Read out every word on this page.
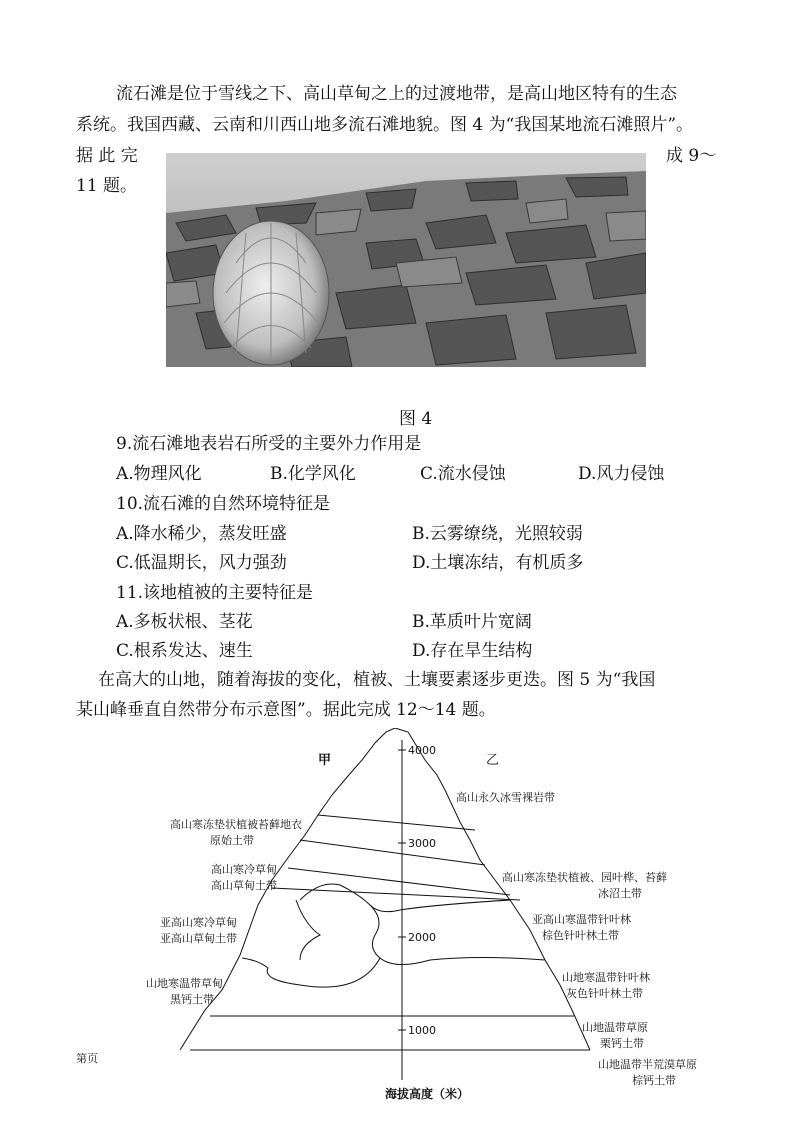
流石滩是位于雪线之下、高山草甸之上的过渡地带，是高山地区特有的生态
系统。我国西藏、云南和川西山地多流石滩地貌。图 4 为“我国某地流石滩照片”。
据 此 完	成 9～
11 题。
图 4
9.流石滩地表岩石所受的主要外力作用是
A.物理风化	B.化学风化	C.流水侵蚀	D.风力侵蚀
10.流石滩的自然环境特征是
A.降水稀少，蒸发旺盛	B.云雾缭绕，光照较弱
C.低温期长，风力强劲	D.土壤冻结，有机质多
11.该地植被的主要特征是
A.多板状根、茎花	B.革质叶片宽阔
C.根系发达、速生	D.存在旱生结构
在高大的山地，随着海拔的变化，植被、土壤要素逐步更迭。图 5 为“我国
某山峰垂直自然带分布示意图”。据此完成 12～14 题。
4000
3000
2000
1000
甲	乙
高山寒冻垫状植被苔藓地衣
原始土带
高山寒冷草甸
高山草甸土带
亚高山寒冷草甸
亚高山草甸土带
山地寒温带草甸
黑钙土带
高山永久冰雪裸岩带
高山寒冻垫状植被、园叶桦、苔藓
冰沼土带
亚高山寒温带针叶林
棕色针叶林土带
山地寒温带针叶林
灰色针叶林土带
山地温带草原
栗钙土带
山地温带半荒漠草原
棕钙土带
海拔高度（米）
第页
